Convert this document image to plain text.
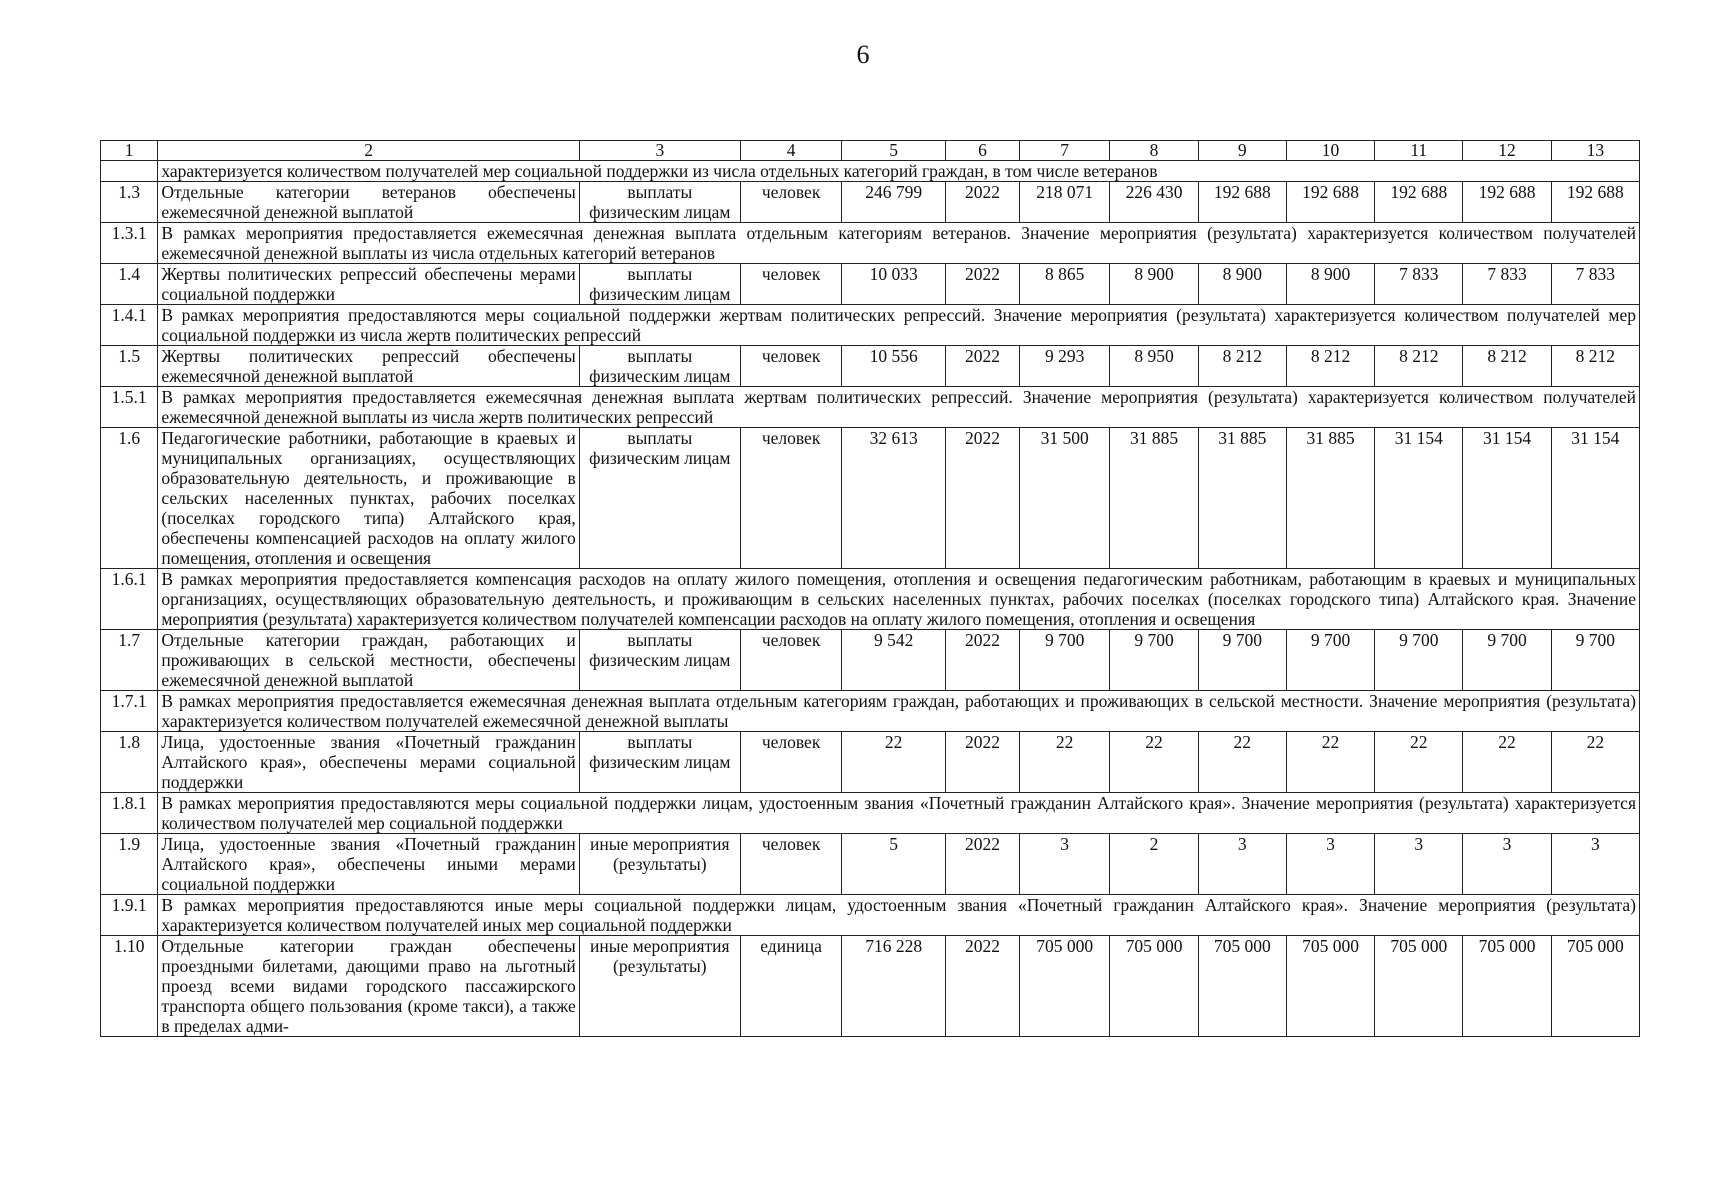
6
1	2	3	4	5	6	7	8	9	10	11	12	13
	характеризуется количеством получателей мер социальной поддержки из числа отдельных категорий граждан, в том числе ветеранов											
1.3	Отдельные категории ветеранов обеспечены ежемесячной денежной выплатой	выплаты физическим лицам	человек	246 799	2022	218 071	226 430	192 688	192 688	192 688	192 688	192 688
1.3.1	В рамках мероприятия предоставляется ежемесячная денежная выплата отдельным категориям ветеранов. Значение мероприятия (результата) характеризуется количеством получателей ежемесячной денежной выплаты из числа отдельных категорий ветеранов											
1.4	Жертвы политических репрессий обеспечены мерами социальной поддержки	выплаты физическим лицам	человек	10 033	2022	8 865	8 900	8 900	8 900	7 833	7 833	7 833
1.4.1	В рамках мероприятия предоставляются меры социальной поддержки жертвам политических репрессий. Значение мероприятия (результата) характеризуется количеством получателей мер социальной поддержки из числа жертв политических репрессий											
1.5	Жертвы политических репрессий обеспечены ежемесячной денежной выплатой	выплаты физическим лицам	человек	10 556	2022	9 293	8 950	8 212	8 212	8 212	8 212	8 212
1.5.1	В рамках мероприятия предоставляется ежемесячная денежная выплата жертвам политических репрессий. Значение мероприятия (результата) характеризуется количеством получателей ежемесячной денежной выплаты из числа жертв политических репрессий											
1.6	Педагогические работники, работающие в краевых и муниципальных организациях, осуществляющих образовательную деятельность, и проживающие в сельских населенных пунктах, рабочих поселках (поселках городского типа) Алтайского края, обеспечены компенсацией расходов на оплату жилого помещения, отопления и освещения	выплаты физическим лицам	человек	32 613	2022	31 500	31 885	31 885	31 885	31 154	31 154	31 154
1.6.1	В рамках мероприятия предоставляется компенсация расходов на оплату жилого помещения, отопления и освещения педагогическим работникам, работающим в краевых и муниципальных организациях, осуществляющих образовательную деятельность, и проживающим в сельских населенных пунктах, рабочих поселках (поселках городского типа) Алтайского края. Значение мероприятия (результата) характеризуется количеством получателей компенсации расходов на оплату жилого помещения, отопления и освещения											
1.7	Отдельные категории граждан, работающих и проживающих в сельской местности, обеспечены ежемесячной денежной выплатой	выплаты физическим лицам	человек	9 542	2022	9 700	9 700	9 700	9 700	9 700	9 700	9 700
1.7.1	В рамках мероприятия предоставляется ежемесячная денежная выплата отдельным категориям граждан, работающих и проживающих в сельской местности. Значение мероприятия (результата) характеризуется количеством получателей ежемесячной денежной выплаты											
1.8	Лица, удостоенные звания «Почетный гражданин Алтайского края», обеспечены мерами социальной поддержки	выплаты физическим лицам	человек	22	2022	22	22	22	22	22	22	22
1.8.1	В рамках мероприятия предоставляются меры социальной поддержки лицам, удостоенным звания «Почетный гражданин Алтайского края». Значение мероприятия (результата) характеризуется количеством получателей мер социальной поддержки											
1.9	Лица, удостоенные звания «Почетный гражданин Алтайского края», обеспечены иными мерами социальной поддержки	иные мероприятия (результаты)	человек	5	2022	3	2	3	3	3	3	3
1.9.1	В рамках мероприятия предоставляются иные меры социальной поддержки лицам, удостоенным звания «Почетный гражданин Алтайского края». Значение мероприятия (результата) характеризуется количеством получателей иных мер социальной поддержки											
1.10	Отдельные категории граждан обеспечены проездными билетами, дающими право на льготный проезд всеми видами городского пассажирского транспорта общего пользования (кроме такси), а также в пределах адми-	иные мероприятия (результаты)	единица	716 228	2022	705 000	705 000	705 000	705 000	705 000	705 000	705 000
